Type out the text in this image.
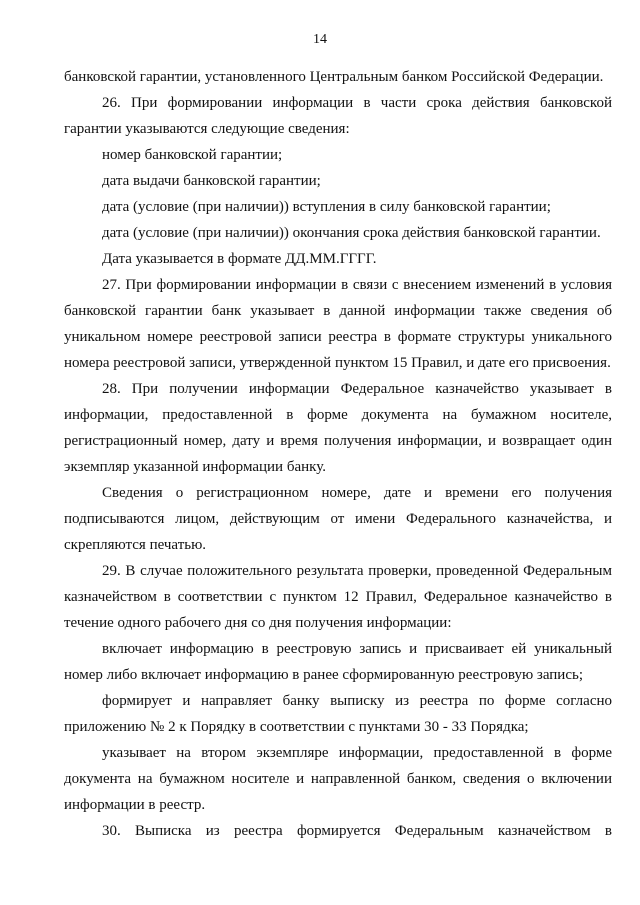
14

банковской гарантии, установленного Центральным банком Российской Федерации.

26. При формировании информации в части срока действия банковской

гарантии указываются следующие сведения:

номер банковской гарантии;

дата выдачи банковской гарантии;

дата (условие (при наличии)) вступления в силу банковской гарантии;

дата (условие (при наличии)) окончания срока действия банковской гарантии.

Дата указывается в формате ДД.ММ.ГГГГ.

27. При формировании информации в связи с внесением изменений в условия

банковской гарантии банк указывает в данной информации также сведения об

уникальном номере реестровой записи реестра в формате структуры уникального

номера реестровой записи, утвержденной пунктом 15 Правил, и дате его присвоения.

28. При получении информации Федеральное казначейство указывает в

информации, предоставленной в форме документа на бумажном носителе,

регистрационный номер, дату и время получения информации, и возвращает один

экземпляр указанной информации банку.

Сведения о регистрационном номере, дате и времени его получения

подписываются лицом, действующим от имени Федерального казначейства, и

скрепляются печатью.

29. В случае положительного результата проверки, проведенной Федеральным

казначейством в соответствии с пунктом 12 Правил, Федеральное казначейство в

течение одного рабочего дня со дня получения информации:

включает информацию в реестровую запись и присваивает ей уникальный

номер либо включает информацию в ранее сформированную реестровую запись;

формирует и направляет банку выписку из реестра по форме согласно

приложению № 2 к Порядку в соответствии с пунктами 30 - 33 Порядка;

указывает на втором экземпляре информации, предоставленной в форме

документа на бумажном носителе и направленной банком, сведения о включении

информации в реестр.

30. Выписка из реестра формируется Федеральным казначейством в
